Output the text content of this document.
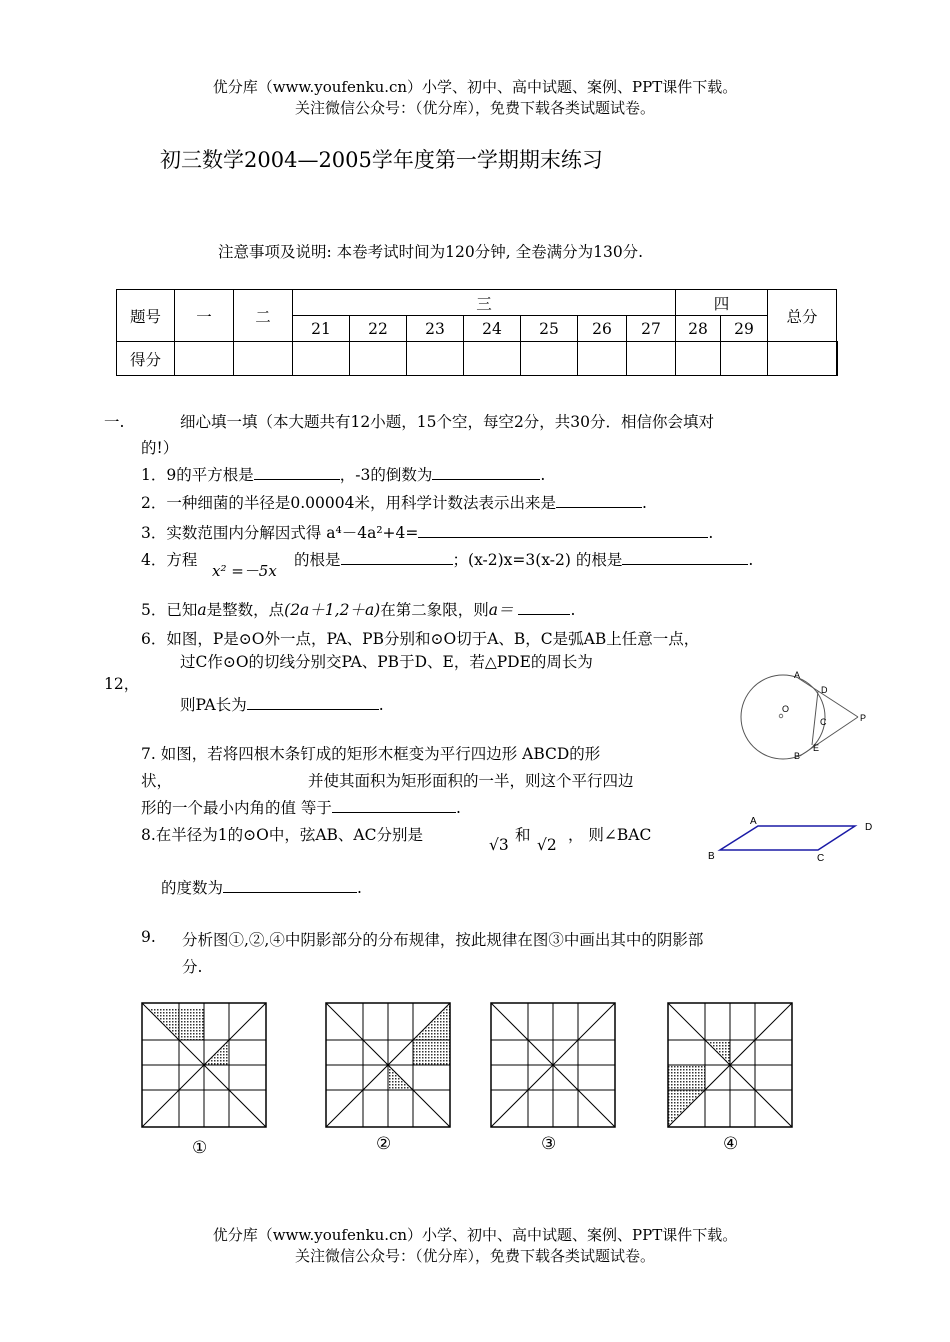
优分库（www.youfenku.cn）小学、初中、高中试题、案例、PPT课件下载。
关注微信公众号：（优分库），免费下载各类试题试卷。
初三数学2004—2005学年度第一学期期末练习
注意事项及说明: 本卷考试时间为120分钟, 全卷满分为130分.
题号	一	二	三							四		总分	
			21	22	23	24	25	26	27	28	29		
得分													
一.	细心填一填（本大题共有12小题，15个空，每空2分，共30分．相信你会填对
的!）
1．9的平方根是	，-3的倒数为	.
2．一种细菌的半径是0.00004米，用科学计数法表示出来是	.
3．实数范围内分解因式得 a⁴－4a²+4=	.
4．方程
x² =－5x
的根是	；(x-2)x=3(x-2) 的根是	.
5．已知a是整数，点(2a＋1,2＋a)在第二象限，则a＝	.
6．如图，P是⊙O外一点，PA、PB分别和⊙O切于A、B，C是弧AB上任意一点，
过C作⊙O的切线分别交PA、PB于D、E，若△PDE的周长为
12，
则PA长为	.
A
D
O
C	P
B
E
7. 如图，若将四根木条钉成的矩形木框变为平行四边形 ABCD的形
状，	并使其面积为矩形面积的一半，则这个平行四边
形的一个最小内角的值 等于	.
A
D
B	C
8.在半径为1的⊙O中，弦AB、AC分别是
√3
和
√2
， 则∠BAC
的度数为	.
9. 分析图①,②,④中阴影部分的分布规律，按此规律在图③中画出其中的阴影部
分.
①	②	③	④
优分库（www.youfenku.cn）小学、初中、高中试题、案例、PPT课件下载。
关注微信公众号：（优分库），免费下载各类试题试卷。
